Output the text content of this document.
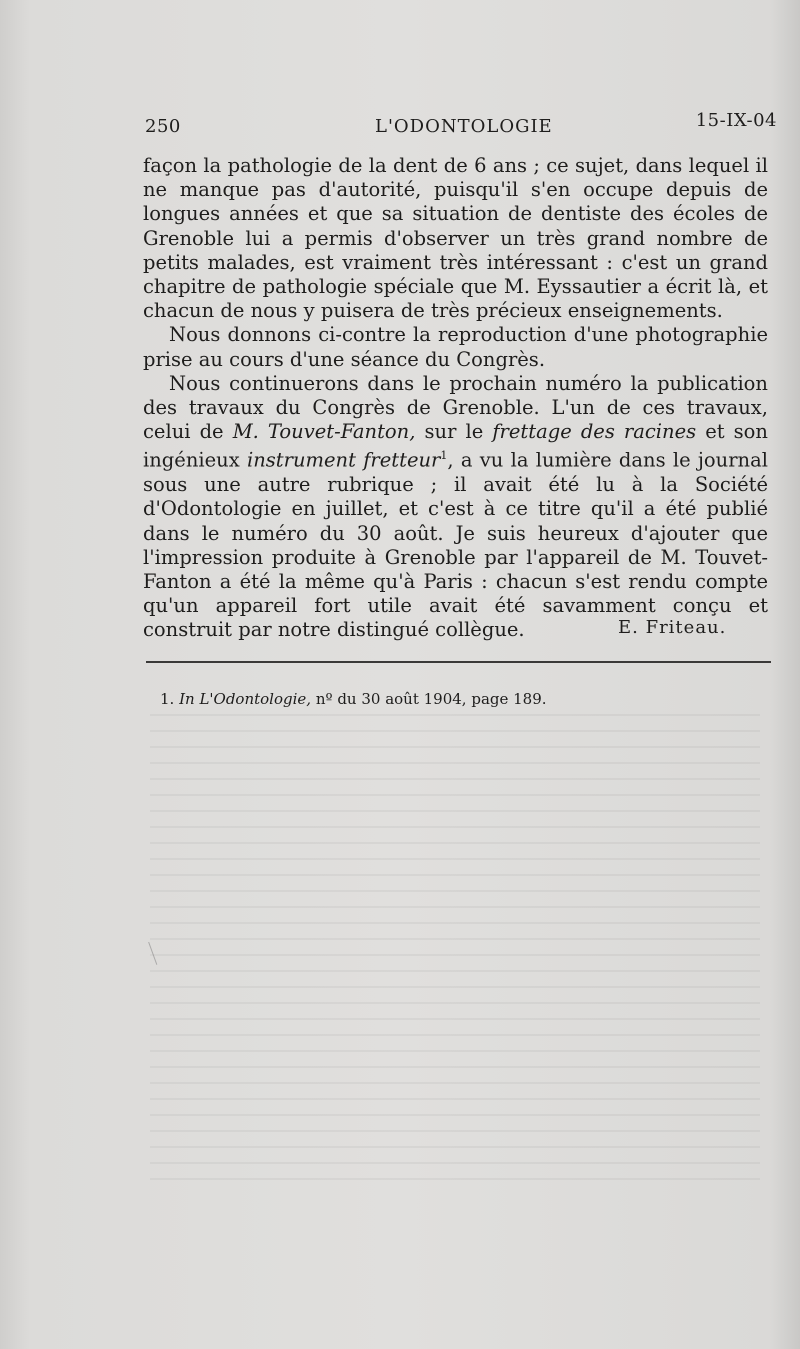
250	L'ODONTOLOGIE	15-IX-04

façon la pathologie de la dent de 6 ans ; ce sujet, dans lequel il ne manque pas d'autorité, puisqu'il s'en occupe depuis de longues années et que sa situation de dentiste des écoles de Grenoble lui a permis d'observer un très grand nombre de petits malades, est vraiment très intéressant : c'est un grand chapitre de pathologie spéciale que M. Eyssautier a écrit là, et chacun de nous y puisera de très précieux enseignements.

Nous donnons ci-contre la reproduction d'une photographie prise au cours d'une séance du Congrès.

Nous continuerons dans le prochain numéro la publication des travaux du Congrès de Grenoble. L'un de ces travaux, celui de M. Touvet-Fanton, sur le frettage des racines et son ingénieux instrument fretteur$^1$, a vu la lumière dans le journal sous une autre rubrique ; il avait été lu à la Société d'Odontologie en juillet, et c'est à ce titre qu'il a été publié dans le numéro du 30 août. Je suis heureux d'ajouter que l'impression produite à Grenoble par l'appareil de M. Touvet-Fanton a été la même qu'à Paris : chacun s'est rendu compte qu'un appareil fort utile avait été savamment conçu et construit par notre distingué collègue.	E. Friteau.
1. In L'Odontologie, nº du 30 août 1904, page 189.
